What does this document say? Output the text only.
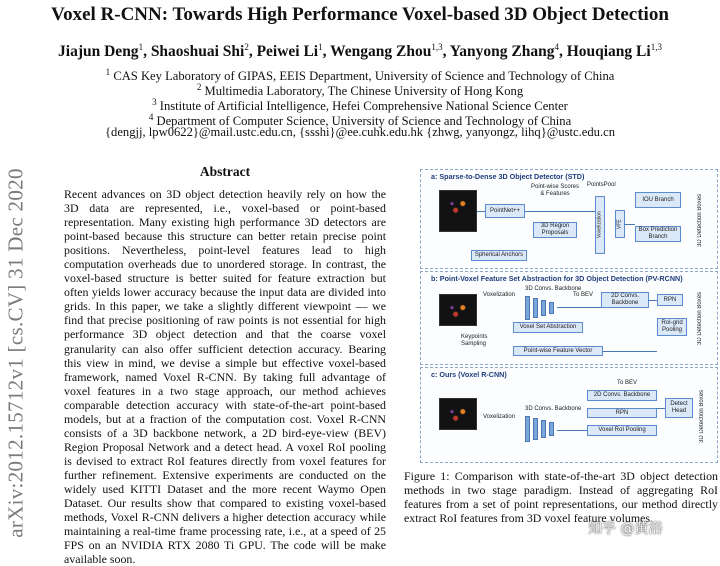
arXiv:2012.15712v1 [cs.CV] 31 Dec 2020
Voxel R-CNN: Towards High Performance Voxel-based 3D Object Detection
Jiajun Deng$^1$, Shaoshuai Shi$^2$, Peiwei Li$^1$, Wengang Zhou$^{1,3}$, Yanyong Zhang$^4$, Houqiang Li$^{1,3}$
$^1$ CAS Key Laboratory of GIPAS, EEIS Department, University of Science and Technology of China
$^2$ Multimedia Laboratory, The Chinese University of Hong Kong
$^3$ Institute of Artificial Intelligence, Hefei Comprehensive National Science Center
$^4$ Department of Computer Science, University of Science and Technology of China
{dengjj, lpw0622}@mail.ustc.edu.cn, {ssshi}@ee.cuhk.edu.hk {zhwg, yanyongz, lihq}@ustc.edu.cn
Abstract

Recent advances on 3D object detection heavily rely on how the 3D data are represented, i.e., voxel-based or point-based representation. Many existing high performance 3D detectors are point-based because this structure can better retain precise point positions. Nevertheless, point-level features lead to high computation overheads due to unordered storage. In contrast, the voxel-based structure is better suited for feature extraction but often yields lower accuracy because the input data are divided into grids. In this paper, we take a slightly different viewpoint — we find that precise positioning of raw points is not essential for high performance 3D object detection and that the coarse voxel granularity can also offer sufficient detection accuracy. Bearing this view in mind, we devise a simple but effective voxel-based framework, named Voxel R-CNN. By taking full advantage of voxel features in a two stage approach, our method achieves comparable detection accuracy with state-of-the-art point-based models, but at a fraction of the computation cost. Voxel R-CNN consists of a 3D backbone network, a 2D bird-eye-view (BEV) Region Proposal Network and a detect head. A voxel RoI pooling is devised to extract RoI features directly from voxel features for further refinement. Extensive experiments are conducted on the widely used KITTI Dataset and the more recent Waymo Open Dataset. Our results show that compared to existing voxel-based methods, Voxel R-CNN delivers a higher detection accuracy while maintaining a real-time frame processing rate, i.e., at a speed of 25 FPS on an NVIDIA RTX 2080 Ti GPU. The code will be make available soon.

a: Sparse-to-Dense 3D Object Detector (STD)
PointNet++
Point-wise Scores & Features
3D Region Proposals
Spherical Anchors
PointsPool
Voxelization	VFE
IOU Branch
Box Prediction Branch	3D Detection Boxes
b: Point-Voxel Feature Set Abstraction for 3D Object Detection (PV-RCNN)
Voxelization
3D Convs. Backbone
To BEV	2D Convs. Backbone
RPN
Keypoints Sampling
Voxel Set Abstraction
RoI-grid Pooling
Point-wise Feature Vector
3D Detection Boxes
c: Ours (Voxel R-CNN)
Voxelization
3D Convs. Backbone
To BEV
2D Convs. Backbone
RPN
Voxel RoI Pooling
Detect Head	3D Detection Boxes

Figure 1: Comparison with state-of-the-art 3D object detection methods in two stage paradigm. Instead of aggregating RoI features from a set of point representations, our method directly extract RoI features from 3D voxel feature volumes.

知乎 @黄浴
